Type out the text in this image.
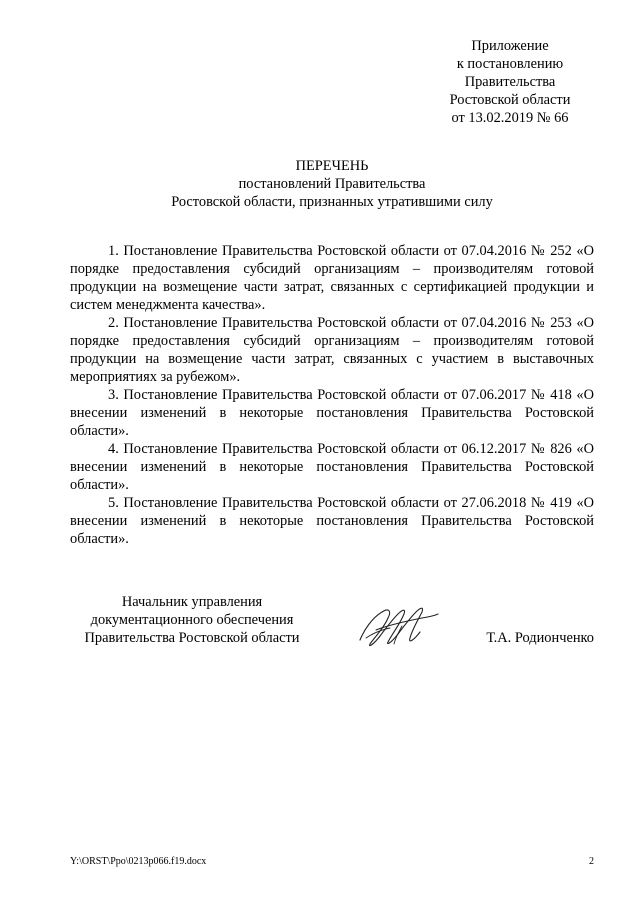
Приложение
к постановлению
Правительства
Ростовской области
от 13.02.2019 № 66
ПЕРЕЧЕНЬ
постановлений Правительства
Ростовской области, признанных утратившими силу

1. Постановление Правительства Ростовской области от 07.04.2016 № 252 «О порядке предоставления субсидий организациям – производителям готовой продукции на возмещение части затрат, связанных с сертификацией продукции и систем менеджмента качества».

2. Постановление Правительства Ростовской области от 07.04.2016 № 253 «О порядке предоставления субсидий организациям – производителям готовой продукции на возмещение части затрат, связанных с участием в выставочных мероприятиях за рубежом».

3. Постановление Правительства Ростовской области от 07.06.2017 № 418 «О внесении изменений в некоторые постановления Правительства Ростовской области».

4. Постановление Правительства Ростовской области от 06.12.2017 № 826 «О внесении изменений в некоторые постановления Правительства Ростовской области».

5. Постановление Правительства Ростовской области от 27.06.2018 № 419 «О внесении изменений в некоторые постановления Правительства Ростовской области».

Начальник управления
документационного обеспечения
Правительства Ростовской области	Т.А. Родионченко
Y:\ORST\Ppo\0213p066.f19.docx	2
